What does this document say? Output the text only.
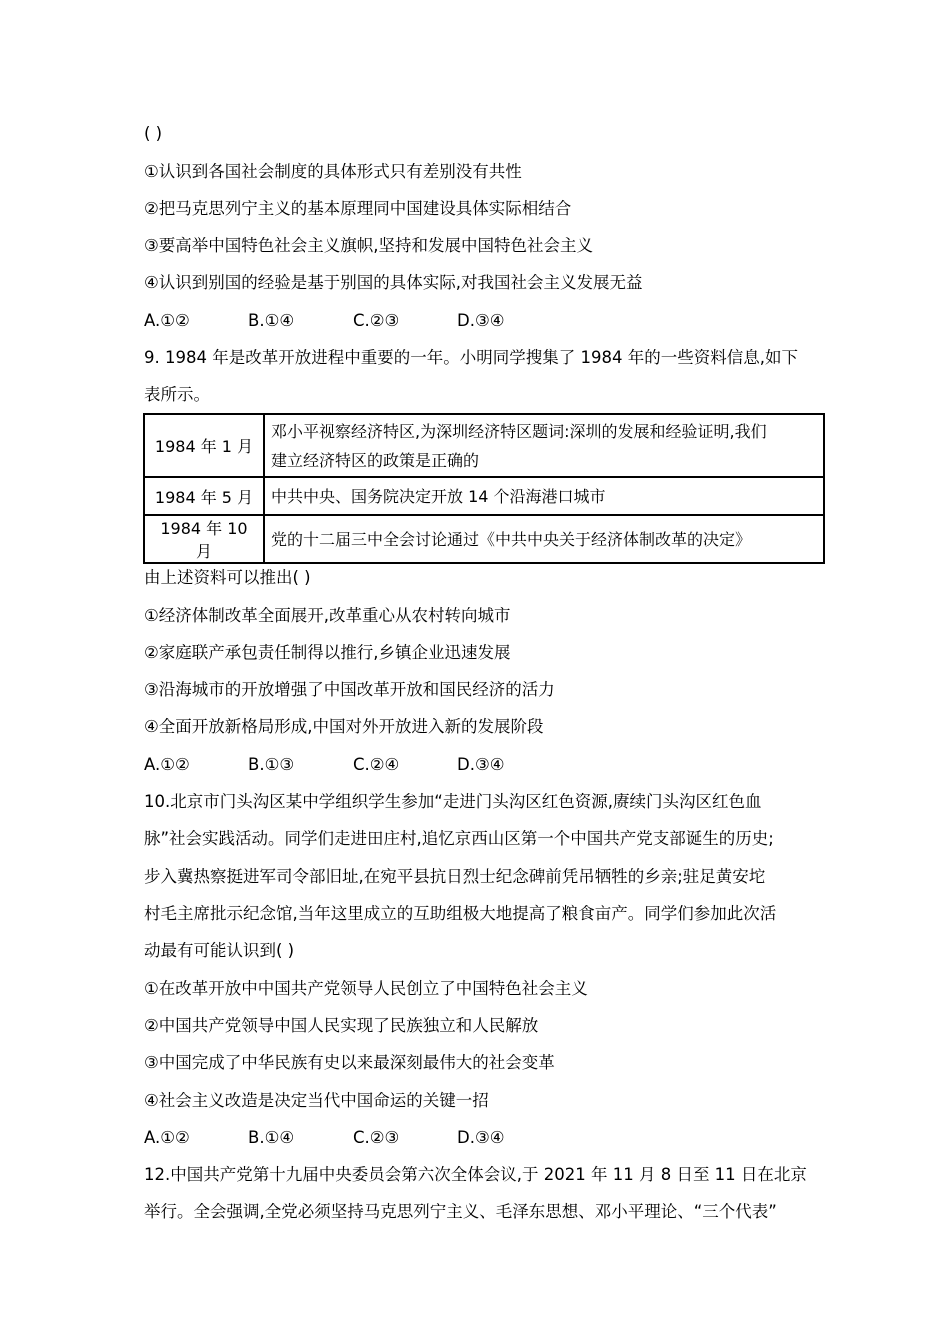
( )
①认识到各国社会制度的具体形式只有差别没有共性
②把马克思列宁主义的基本原理同中国建设具体实际相结合
③要高举中国特色社会主义旗帜,坚持和发展中国特色社会主义
④认识到别国的经验是基于别国的具体实际,对我国社会主义发展无益
A.①②	B.①④	C.②③	D.③④
9. 1984 年是改革开放进程中重要的一年。小明同学搜集了 1984 年的一些资料信息,如下
表所示。
1984 年 1 月	邓小平视察经济特区,为深圳经济特区题词:深圳的发展和经验证明,我们
建立经济特区的政策是正确的

1984 年 5 月	中共中央、国务院决定开放 14 个沿海港口城市

1984 年 10 月	党的十二届三中全会讨论通过《中共中央关于经济体制改革的决定》
由上述资料可以推出( )
①经济体制改革全面展开,改革重心从农村转向城市
②家庭联产承包责任制得以推行,乡镇企业迅速发展
③沿海城市的开放增强了中国改革开放和国民经济的活力
④全面开放新格局形成,中国对外开放进入新的发展阶段
A.①②	B.①③	C.②④	D.③④
10.北京市门头沟区某中学组织学生参加“走进门头沟区红色资源,赓续门头沟区红色血
脉”社会实践活动。同学们走进田庄村,追忆京西山区第一个中国共产党支部诞生的历史;
步入冀热察挺进军司令部旧址,在宛平县抗日烈士纪念碑前凭吊牺牲的乡亲;驻足黄安坨
村毛主席批示纪念馆,当年这里成立的互助组极大地提高了粮食亩产。同学们参加此次活
动最有可能认识到( )
①在改革开放中中国共产党领导人民创立了中国特色社会主义
②中国共产党领导中国人民实现了民族独立和人民解放
③中国完成了中华民族有史以来最深刻最伟大的社会变革
④社会主义改造是决定当代中国命运的关键一招
A.①②	B.①④	C.②③	D.③④
12.中国共产党第十九届中央委员会第六次全体会议,于 2021 年 11 月 8 日至 11 日在北京
举行。全会强调,全党必须坚持马克思列宁主义、毛泽东思想、邓小平理论、“三个代表”
